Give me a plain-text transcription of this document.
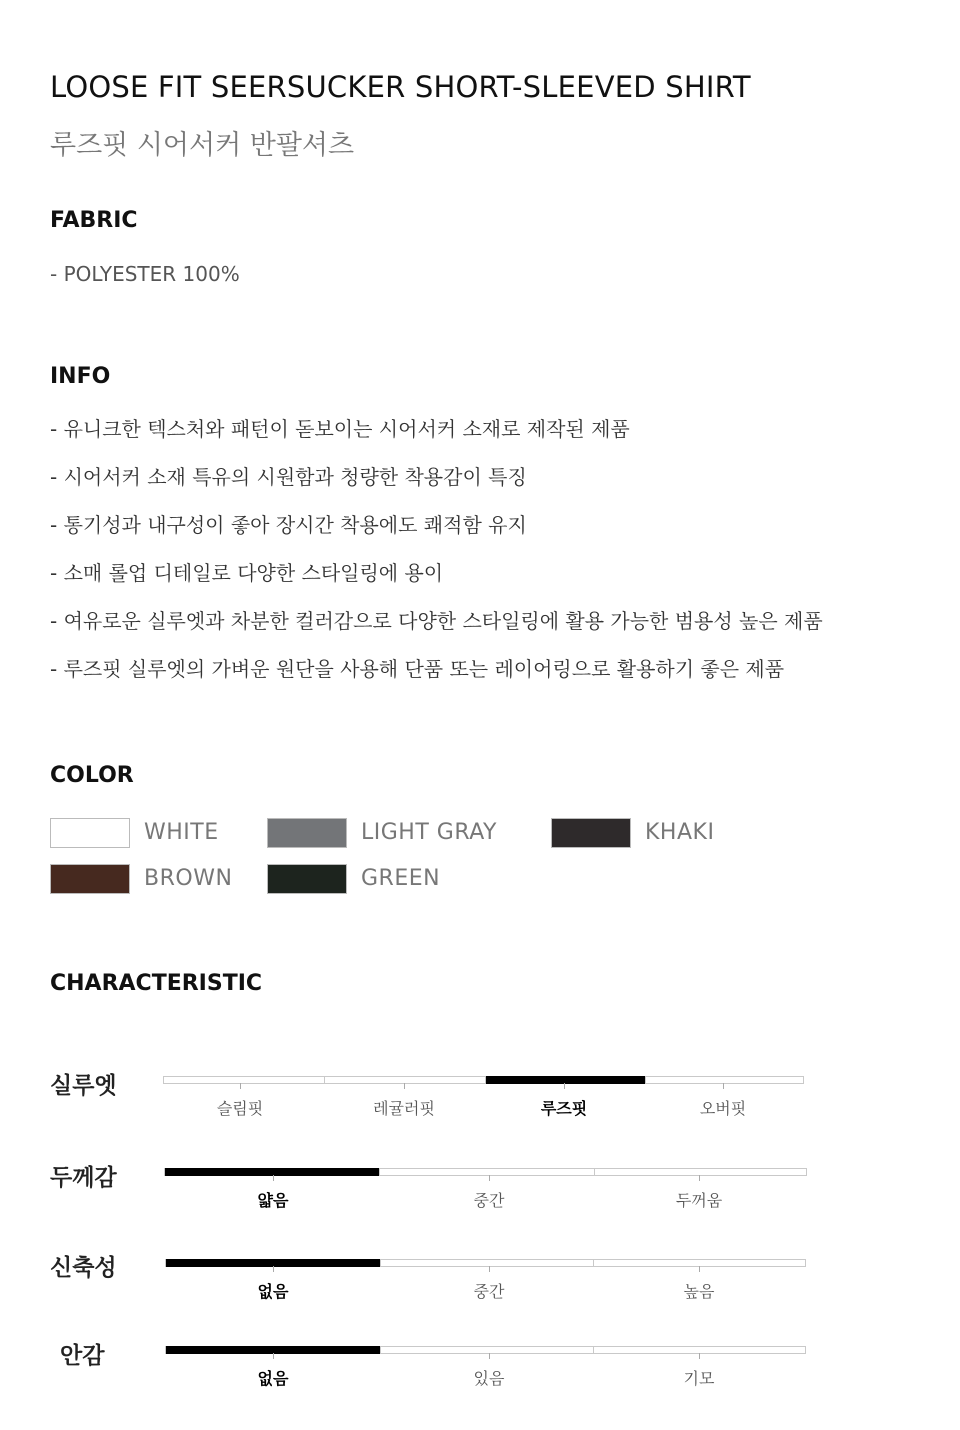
LOOSE FIT SEERSUCKER SHORT-SLEEVED SHIRT
루즈핏 시어서커 반팔셔츠
FABRIC
- POLYESTER 100%
INFO
- 유니크한 텍스처와 패턴이 돋보이는 시어서커 소재로 제작된 제품
- 시어서커 소재 특유의 시원함과 청량한 착용감이 특징
- 통기성과 내구성이 좋아 장시간 착용에도 쾌적함 유지
- 소매 롤업 디테일로 다양한 스타일링에 용이
- 여유로운 실루엣과 차분한 컬러감으로 다양한 스타일링에 활용 가능한 범용성 높은 제품
- 루즈핏 실루엣의 가벼운 원단을 사용해 단품 또는 레이어링으로 활용하기 좋은 제품
COLOR
WHITE	LIGHT GRAY	KHAKI
BROWN	GREEN
CHARACTERISTIC
실루엣
슬림핏	레귤러핏	루즈핏	오버핏
두께감
얇음	중간	두꺼움
신축성
없음	중간	높음
안감
없음	있음	기모
